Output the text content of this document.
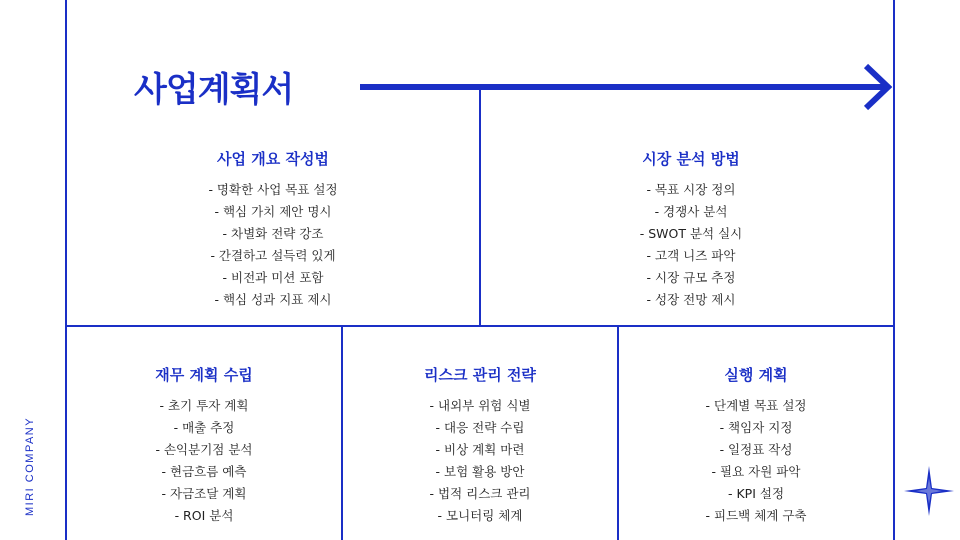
사업계획서
사업 개요 작성법
- 명확한 사업 목표 설정
- 핵심 가치 제안 명시
- 차별화 전략 강조
- 간결하고 설득력 있게
- 비전과 미션 포함
- 핵심 성과 지표 제시
시장 분석 방법
- 목표 시장 정의
- 경쟁사 분석
- SWOT 분석 실시
- 고객 니즈 파악
- 시장 규모 추정
- 성장 전망 제시
재무 계획 수립
- 초기 투자 계획
- 매출 추정
- 손익분기점 분석
- 현금흐름 예측
- 자금조달 계획
- ROI 분석
리스크 관리 전략
- 내외부 위험 식별
- 대응 전략 수립
- 비상 계획 마련
- 보험 활용 방안
- 법적 리스크 관리
- 모니터링 체계
실행 계획
- 단계별 목표 설정
- 책임자 지정
- 일정표 작성
- 필요 자원 파악
- KPI 설정
- 피드백 체계 구축
MIRI COMPANY
